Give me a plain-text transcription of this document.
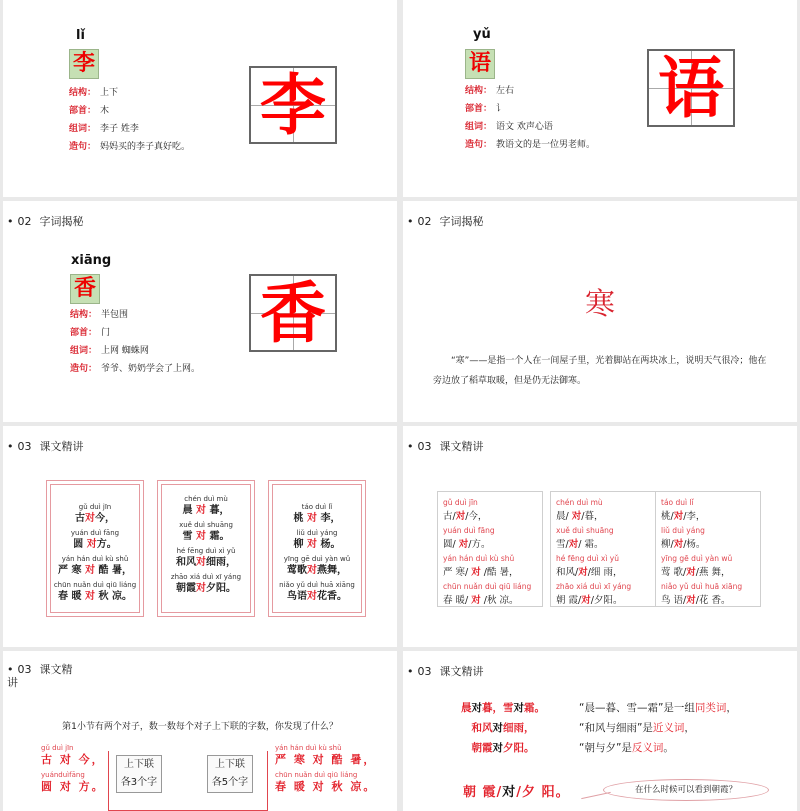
lǐ
李
结构： 上下
部首： 木
组词： 李子 姓李
造句： 妈妈买的李子真好吃。
李
yǔ
语
结构： 左右
部首： 讠
组词： 语文 欢声心语
造句： 教语文的是一位男老师。
语
• 02 字词揭秘
xiāng
香
结构： 半包围
部首： 门
组词： 上网 蜘蛛网
造句： 爷爷、奶奶学会了上网。
香
• 02 字词揭秘
寒
“寒”——是指一个人在一间屋子里，光着脚站在两块冰上，说明天气很冷；他在旁边放了稻草取暖，但是仍无法御寒。
• 03 课文精讲
gǔ duì jīn
古对今，
yuán duì fāng
圆 对方。
yán hán duì kù shǔ
严 寒 对 酷 暑，
chūn nuǎn duì qiū liáng
春 暖 对 秋 凉。
chén duì mù
晨 对 暮，
xuě duì shuāng
雪 对 霜。
hé fēng duì xì yǔ
和风对细雨，
zhāo xiá duì xī yáng
朝霞对夕阳。
táo duì lǐ
桃 对 李，
liǔ duì yáng
柳 对 杨。
yīng gē duì yàn wǔ
莺歌对燕舞，
niǎo yǔ duì huā xiāng
鸟语对花香。
• 03 课文精讲
gǔ duì jīn
古/对/今，
yuán duì fāng
圆/ 对/方。
yán hán duì kù shǔ
严 寒/ 对 /酷 暑，
chūn nuǎn duì qiū liáng
春 暖/ 对 /秋 凉。
chén duì mù
晨/ 对/暮，
xuě duì shuāng
雪/对/ 霜。
hé fēng duì xì yǔ
和风/对/细 雨，
zhāo xiá duì xī yáng
朝 霞/对/夕阳。
táo duì lǐ
桃/对/李，
liǔ duì yáng
柳/对/杨。
yīng gē duì yàn wǔ
莺 歌/对/燕 舞，
niǎo yǔ duì huā xiāng
鸟 语/对/花 香。
• 03 课文精讲
第1小节有两个对子，数一数每个对子上下联的字数，你发现了什么？
gǔ duì jīn
古 对 今，
yuánduìfāng
圆 对 方。
上下联
各3个字
上下联
各5个字
yán hán duì kù shǔ
严 寒 对 酷 暑，
chūn nuǎn duì qiū liáng
春 暖 对 秋 凉。
• 03 课文精讲
晨对暮，雪对霜。
和风对细雨，
朝霞对夕阳。
“晨—暮、雪—霜”是一组同类词，
“和风与细雨”是近义词，
“朝与夕”是反义词。
朝 霞/对/夕 阳。	在什么时候可以看到朝霞？
